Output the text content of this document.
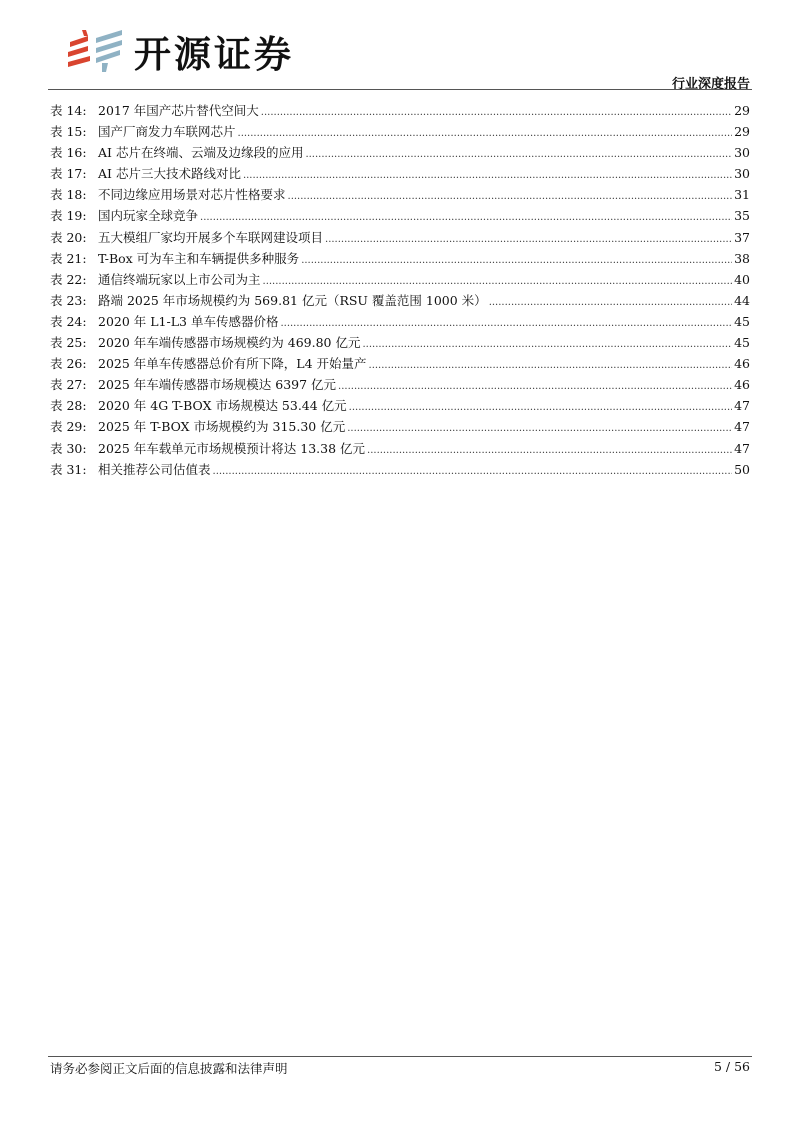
开源证券
行业深度报告
表 14: 2017 年国产芯片替代空间大 .....	29
表 15: 国产厂商发力车联网芯片 .....	29
表 16: AI 芯片在终端、云端及边缘段的应用 .....	30
表 17: AI 芯片三大技术路线对比 .....	30
表 18: 不同边缘应用场景对芯片性格要求 .....	31
表 19: 国内玩家全球竞争 .....	35
表 20: 五大模组厂家均开展多个车联网建设项目 .....	37
表 21: T-Box 可为车主和车辆提供多种服务 .....	38
表 22: 通信终端玩家以上市公司为主 .....	40
表 23: 路端 2025 年市场规模约为 569.81 亿元（RSU 覆盖范围 1000 米） .....	44
表 24: 2020 年 L1-L3 单车传感器价格 .....	45
表 25: 2020 年车端传感器市场规模约为 469.80 亿元 .....	45
表 26: 2025 年单车传感器总价有所下降，L4 开始量产 .....	46
表 27: 2025 年车端传感器市场规模达 6397 亿元 .....	46
表 28: 2020 年 4G T-BOX 市场规模达 53.44 亿元 .....	47
表 29: 2025 年 T-BOX 市场规模约为 315.30 亿元 .....	47
表 30: 2025 年车载单元市场规模预计将达 13.38 亿元 .....	47
表 31: 相关推荐公司估值表 .....	50
请务必参阅正文后面的信息披露和法律声明	5 / 56
